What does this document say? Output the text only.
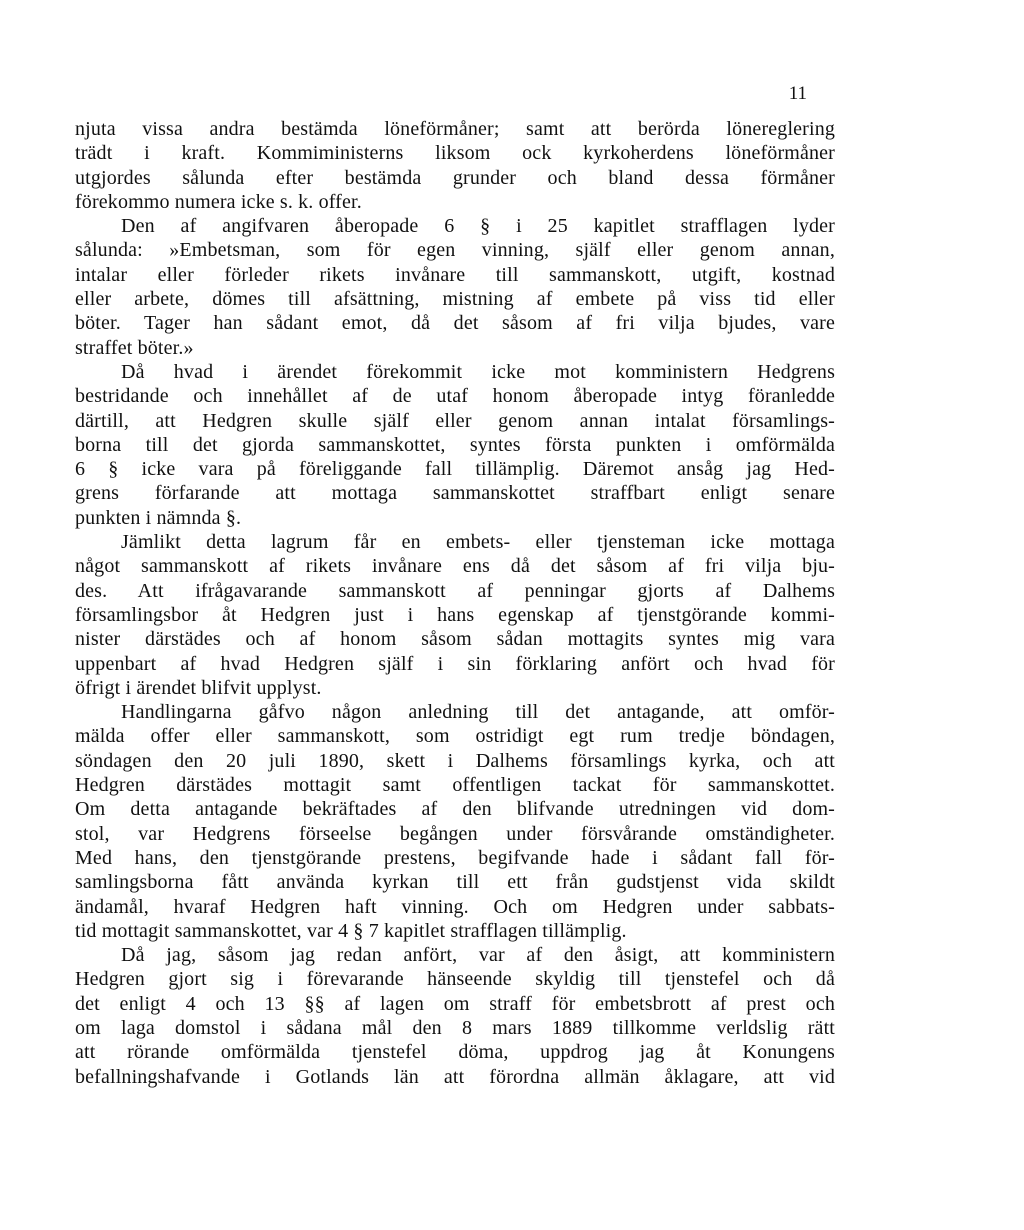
11
njuta vissa andra bestämda löneförmåner; samt att berörda lönereglering
trädt i kraft. Kommiministerns liksom ock kyrkoherdens löneförmåner
utgjordes sålunda efter bestämda grunder och bland dessa förmåner
förekommo numera icke s. k. offer.
Den af angifvaren åberopade 6 § i 25 kapitlet strafflagen lyder
sålunda: »Embetsman, som för egen vinning, själf eller genom annan,
intalar eller förleder rikets invånare till sammanskott, utgift, kostnad
eller arbete, dömes till afsättning, mistning af embete på viss tid eller
böter. Tager han sådant emot, då det såsom af fri vilja bjudes, vare
straffet böter.»
Då hvad i ärendet förekommit icke mot komministern Hedgrens
bestridande och innehållet af de utaf honom åberopade intyg föranledde
därtill, att Hedgren skulle själf eller genom annan intalat församlings-
borna till det gjorda sammanskottet, syntes första punkten i omförmälda
6 § icke vara på föreliggande fall tillämplig. Däremot ansåg jag Hed-
grens förfarande att mottaga sammanskottet straffbart enligt senare
punkten i nämnda §.
Jämlikt detta lagrum får en embets- eller tjensteman icke mottaga
något sammanskott af rikets invånare ens då det såsom af fri vilja bju-
des. Att ifrågavarande sammanskott af penningar gjorts af Dalhems
församlingsbor åt Hedgren just i hans egenskap af tjenstgörande kommi-
nister därstädes och af honom såsom sådan mottagits syntes mig vara
uppenbart af hvad Hedgren själf i sin förklaring anfört och hvad för
öfrigt i ärendet blifvit upplyst.
Handlingarna gåfvo någon anledning till det antagande, att omför-
mälda offer eller sammanskott, som ostridigt egt rum tredje böndagen,
söndagen den 20 juli 1890, skett i Dalhems församlings kyrka, och att
Hedgren därstädes mottagit samt offentligen tackat för sammanskottet.
Om detta antagande bekräftades af den blifvande utredningen vid dom-
stol, var Hedgrens förseelse begången under försvårande omständigheter.
Med hans, den tjenstgörande prestens, begifvande hade i sådant fall för-
samlingsborna fått använda kyrkan till ett från gudstjenst vida skildt
ändamål, hvaraf Hedgren haft vinning. Och om Hedgren under sabbats-
tid mottagit sammanskottet, var 4 § 7 kapitlet strafflagen tillämplig.
Då jag, såsom jag redan anfört, var af den åsigt, att komministern
Hedgren gjort sig i förevarande hänseende skyldig till tjenstefel och då
det enligt 4 och 13 §§ af lagen om straff för embetsbrott af prest och
om laga domstol i sådana mål den 8 mars 1889 tillkomme verldslig rätt
att rörande omförmälda tjenstefel döma, uppdrog jag åt Konungens
befallningshafvande i Gotlands län att förordna allmän åklagare, att vid
